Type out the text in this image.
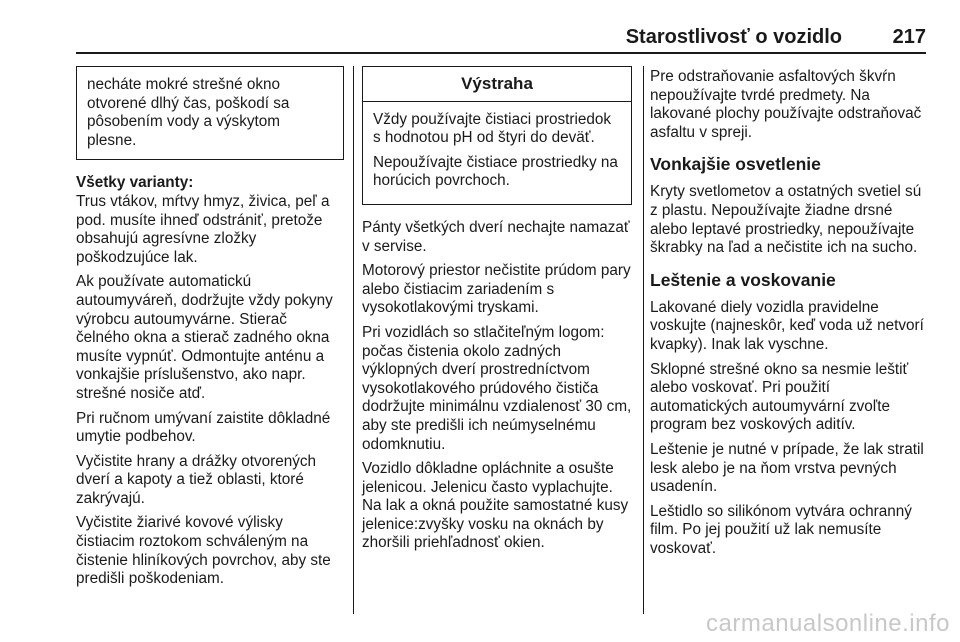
Starostlivosť o vozidlo	217

necháte mokré strešné okno otvorené dlhý čas, poškodí sa pôsobením vody a výskytom plesne.

Všetky varianty:
Trus vtákov, mŕtvy hmyz, živica, peľ a pod. musíte ihneď odstrániť, pretože obsahujú agresívne zložky poškodzujúce lak.

Ak používate automatickú autoumyváreň, dodržujte vždy pokyny výrobcu autoumyvárne. Stierač čelného okna a stierač zadného okna musíte vypnúť. Odmontujte anténu a vonkajšie príslušenstvo, ako napr. strešné nosiče atď.

Pri ručnom umývaní zaistite dôkladné umytie podbehov.

Vyčistite hrany a drážky otvorených dverí a kapoty a tiež oblasti, ktoré zakrývajú.

Vyčistite žiarivé kovové výlisky čistiacim roztokom schváleným na čistenie hliníkových povrchov, aby ste predišli poškodeniam.

Výstraha

Vždy používajte čistiaci prostriedok s hodnotou pH od štyri do deväť.

Nepoužívajte čistiace prostriedky na horúcich povrchoch.

Pánty všetkých dverí nechajte namazať v servise.

Motorový priestor nečistite prúdom pary alebo čistiacim zariadením s vysokotlakovými tryskami.

Pri vozidlách so stlačiteľným logom: počas čistenia okolo zadných výklopných dverí prostredníctvom vysokotlakového prúdového čističa dodržujte minimálnu vzdialenosť 30 cm, aby ste predišli ich neúmyselnému odomknutiu.

Vozidlo dôkladne opláchnite a osušte jelenicou. Jelenicu často vyplachujte. Na lak a okná použite samostatné kusy jelenice:zvyšky vosku na oknách by zhoršili priehľadnosť okien.

Pre odstraňovanie asfaltových škvŕn nepoužívajte tvrdé predmety. Na lakované plochy používajte odstraňovač asfaltu v spreji.

Vonkajšie osvetlenie

Kryty svetlometov a ostatných svetiel sú z plastu. Nepoužívajte žiadne drsné alebo leptavé prostriedky, nepoužívajte škrabky na ľad a nečistite ich na sucho.

Leštenie a voskovanie

Lakované diely vozidla pravidelne voskujte (najneskôr, keď voda už netvorí kvapky). Inak lak vyschne.

Sklopné strešné okno sa nesmie leštiť alebo voskovať. Pri použití automatických autoumyvární zvoľte program bez voskových aditív.

Leštenie je nutné v prípade, že lak stratil lesk alebo je na ňom vrstva pevných usadenín.

Leštidlo so silikónom vytvára ochranný film. Po jej použití už lak nemusíte voskovať.

carmanualsonline.info
